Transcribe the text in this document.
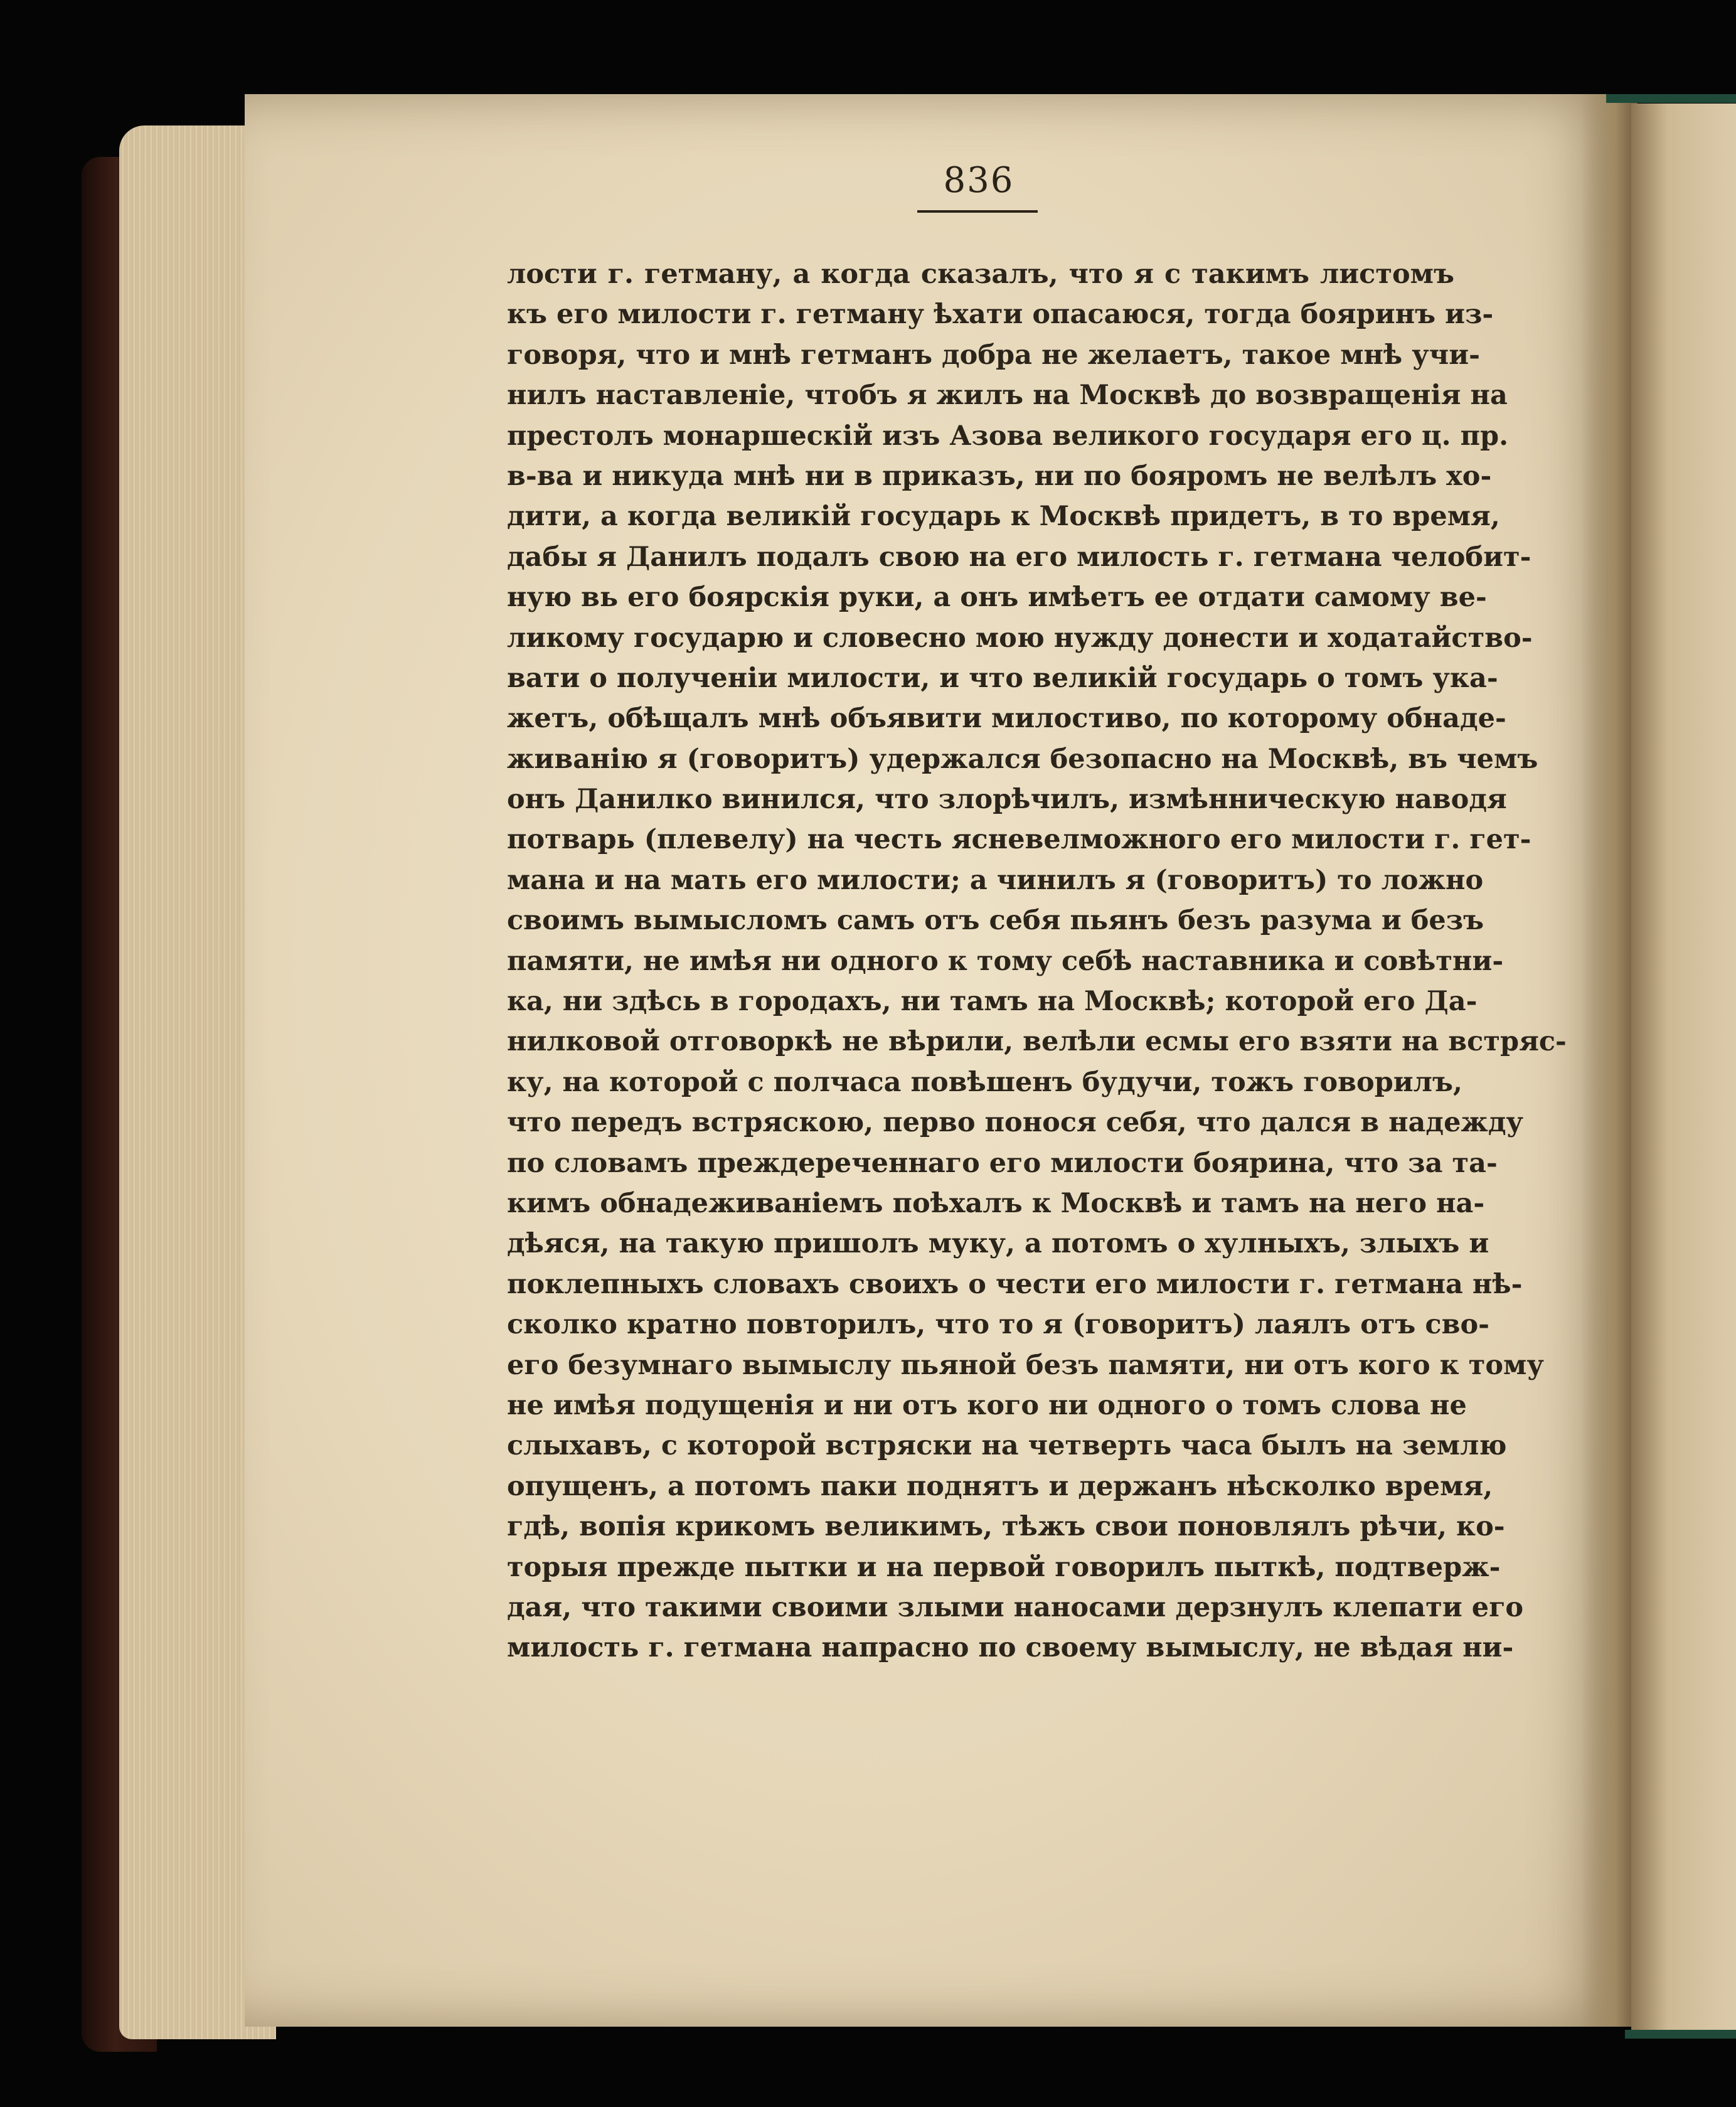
836
лости г. гетману, а когда сказалъ, что я с такимъ листомъ
къ его милости г. гетману ѣхати опасаюся, тогда бояринъ из-
говоря, что и мнѣ гетманъ добра не желаетъ, такое мнѣ учи-
нилъ наставленіе, чтобъ я жилъ на Москвѣ до возвращенія на
престолъ монаршескій изъ Азова великого государя его ц. пр.
в-ва и никуда мнѣ ни в приказъ, ни по бояромъ не велѣлъ хо-
дити, а когда великій государь к Москвѣ придетъ, в то время,
дабы я Данилъ подалъ свою на его милость г. гетмана челобит-
ную вь его боярскія руки, а онъ имѣетъ ее отдати самому ве-
ликому государю и словесно мою нужду донести и ходатайство-
вати о полученіи милости, и что великій государь о томъ ука-
жетъ, обѣщалъ мнѣ объявити милостиво, по которому обнаде-
живанію я (говоритъ) удержался безопасно на Москвѣ, въ чемъ
онъ Данилко винился, что злорѣчилъ, измѣнническую наводя
потварь (плевелу) на честь ясневелможного его милости г. гет-
мана и на мать его милости; а чинилъ я (говоритъ) то ложно
своимъ вымысломъ самъ отъ себя пьянъ безъ разума и безъ
памяти, не имѣя ни одного к тому себѣ наставника и совѣтни-
ка, ни здѣсь в городахъ, ни тамъ на Москвѣ; которой его Да-
нилковой отговоркѣ не вѣрили, велѣли есмы его взяти на встряс-
ку, на которой с полчаса повѣшенъ будучи, тожъ говорилъ,
что передъ встряскою, перво понося себя, что дался в надежду
по словамъ преждереченнаго его милости боярина, что за та-
кимъ обнадеживаніемъ поѣхалъ к Москвѣ и тамъ на него на-
дѣяся, на такую пришолъ муку, а потомъ о хулныхъ, злыхъ и
поклепныхъ словахъ своихъ о чести его милости г. гетмана нѣ-
сколко кратно повторилъ, что то я (говоритъ) лаялъ отъ сво-
его безумнаго вымыслу пьяной безъ памяти, ни отъ кого к тому
не имѣя подущенія и ни отъ кого ни одного о томъ слова не
слыхавъ, с которой встряски на четверть часа былъ на землю
опущенъ, а потомъ паки поднятъ и держанъ нѣсколко время,
гдѣ, вопія крикомъ великимъ, тѣжъ свои поновлялъ рѣчи, ко-
торыя прежде пытки и на первой говорилъ пыткѣ, подтверж-
дая, что такими своими злыми наносами дерзнулъ клепати его
милость г. гетмана напрасно по своему вымыслу, не вѣдая ни-
